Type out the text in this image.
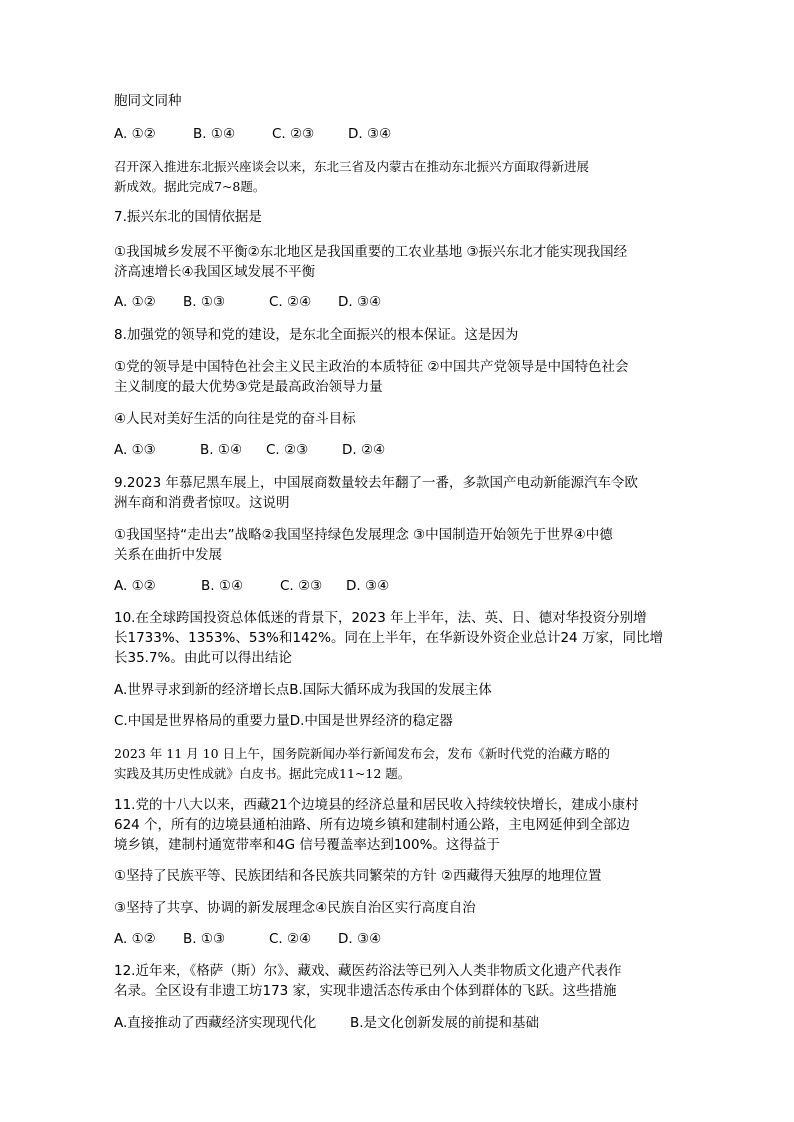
胞同文同种
A. ①②	B. ①④	C. ②③	D. ③④
召开深入推进东北振兴座谈会以来，东北三省及内蒙古在推动东北振兴方面取得新进展
新成效。据此完成7~8题。
7.振兴东北的国情依据是
①我国城乡发展不平衡②东北地区是我国重要的工农业基地 ③振兴东北才能实现我国经
济高速增长④我国区域发展不平衡
A. ①②	B. ①③	C. ②④	D. ③④
8.加强党的领导和党的建设，是东北全面振兴的根本保证。这是因为
①党的领导是中国特色社会主义民主政治的本质特征 ②中国共产党领导是中国特色社会
主义制度的最大优势③党是最高政治领导力量
④人民对美好生活的向往是党的奋斗目标
A. ①③	B. ①④	C. ②③	D. ②④
9.2023 年慕尼黑车展上，中国展商数量较去年翻了一番，多款国产电动新能源汽车令欧
洲车商和消费者惊叹。这说明
①我国坚持“走出去”战略②我国坚持绿色发展理念 ③中国制造开始领先于世界④中德
关系在曲折中发展
A. ①②	B. ①④	C. ②③	D. ③④
10.在全球跨国投资总体低迷的背景下，2023 年上半年，法、英、日、德对华投资分别增
长1733%、1353%、53%和142%。同在上半年，在华新设外资企业总计24 万家，同比增
长35.7%。由此可以得出结论
A.世界寻求到新的经济增长点B.国际大循环成为我国的发展主体
C.中国是世界格局的重要力量D.中国是世界经济的稳定器
2023 年 11 月 10 日上午，国务院新闻办举行新闻发布会，发布《新时代党的治藏方略的
实践及其历史性成就》白皮书。据此完成11~12 题。
11.党的十八大以来，西藏21个边境县的经济总量和居民收入持续较快增长，建成小康村
624 个，所有的边境县通柏油路、所有边境乡镇和建制村通公路，主电网延伸到全部边
境乡镇，建制村通宽带率和4G 信号覆盖率达到100%。这得益于
①坚持了民族平等、民族团结和各民族共同繁荣的方针 ②西藏得天独厚的地理位置
③坚持了共享、协调的新发展理念④民族自治区实行高度自治
A. ①②	B. ①③	C. ②④	D. ③④
12.近年来，《格萨（斯）尔》、藏戏、藏医药浴法等已列入人类非物质文化遗产代表作
名录。全区设有非遗工坊173 家，实现非遗活态传承由个体到群体的飞跃。这些措施
A.直接推动了西藏经济实现现代化	B.是文化创新发展的前提和基础
